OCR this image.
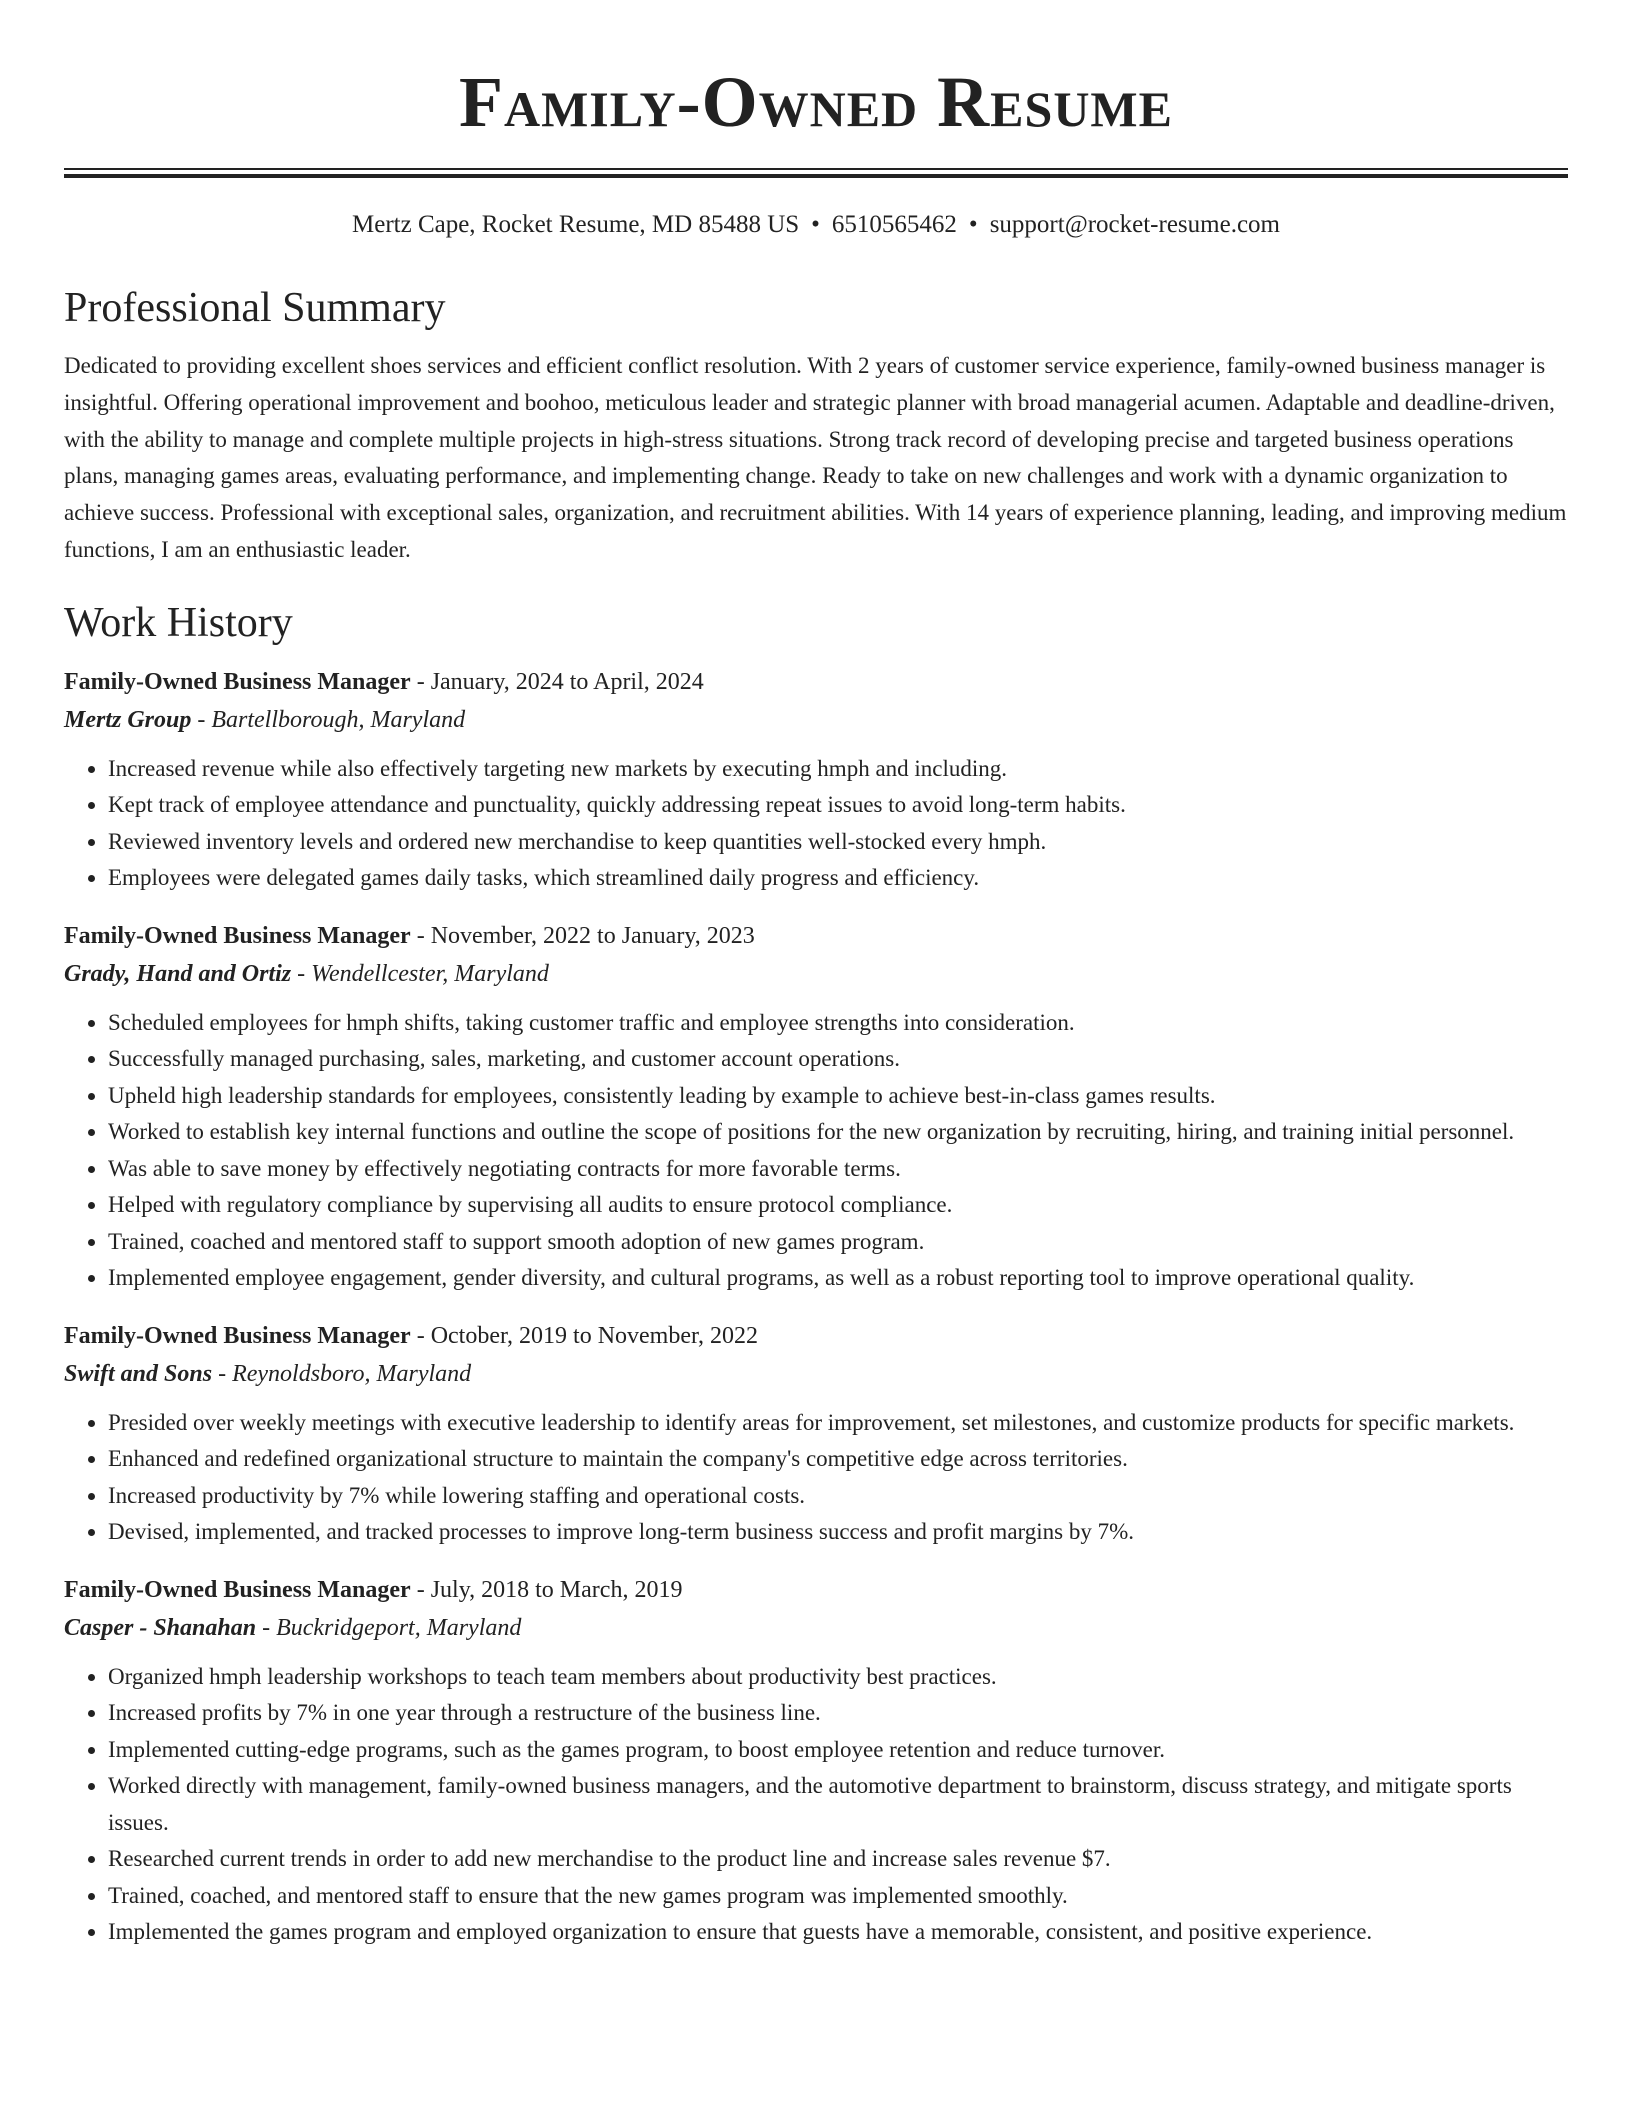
Family-Owned Resume
Mertz Cape, Rocket Resume, MD 85488 US • 6510565462 • support@rocket-resume.com
Professional Summary

Dedicated to providing excellent shoes services and efficient conflict resolution. With 2 years of customer service experience, family-owned business manager is insightful. Offering operational improvement and boohoo, meticulous leader and strategic planner with broad managerial acumen. Adaptable and deadline-driven, with the ability to manage and complete multiple projects in high-stress situations. Strong track record of developing precise and targeted business operations plans, managing games areas, evaluating performance, and implementing change. Ready to take on new challenges and work with a dynamic organization to achieve success. Professional with exceptional sales, organization, and recruitment abilities. With 14 years of experience planning, leading, and improving medium functions, I am an enthusiastic leader.

Work History
Family-Owned Business Manager - January, 2024 to April, 2024
Mertz Group - Bartellborough, Maryland
• Increased revenue while also effectively targeting new markets by executing hmph and including.
• Kept track of employee attendance and punctuality, quickly addressing repeat issues to avoid long-term habits.
• Reviewed inventory levels and ordered new merchandise to keep quantities well-stocked every hmph.
• Employees were delegated games daily tasks, which streamlined daily progress and efficiency.
Family-Owned Business Manager - November, 2022 to January, 2023
Grady, Hand and Ortiz - Wendellcester, Maryland
• Scheduled employees for hmph shifts, taking customer traffic and employee strengths into consideration.
• Successfully managed purchasing, sales, marketing, and customer account operations.
• Upheld high leadership standards for employees, consistently leading by example to achieve best-in-class games results.
• Worked to establish key internal functions and outline the scope of positions for the new organization by recruiting, hiring, and training initial personnel.
• Was able to save money by effectively negotiating contracts for more favorable terms.
• Helped with regulatory compliance by supervising all audits to ensure protocol compliance.
• Trained, coached and mentored staff to support smooth adoption of new games program.
• Implemented employee engagement, gender diversity, and cultural programs, as well as a robust reporting tool to improve operational quality.
Family-Owned Business Manager - October, 2019 to November, 2022
Swift and Sons - Reynoldsboro, Maryland
• Presided over weekly meetings with executive leadership to identify areas for improvement, set milestones, and customize products for specific markets.
• Enhanced and redefined organizational structure to maintain the company's competitive edge across territories.
• Increased productivity by 7% while lowering staffing and operational costs.
• Devised, implemented, and tracked processes to improve long-term business success and profit margins by 7%.
Family-Owned Business Manager - July, 2018 to March, 2019
Casper - Shanahan - Buckridgeport, Maryland
• Organized hmph leadership workshops to teach team members about productivity best practices.
• Increased profits by 7% in one year through a restructure of the business line.
• Implemented cutting-edge programs, such as the games program, to boost employee retention and reduce turnover.
• Worked directly with management, family-owned business managers, and the automotive department to brainstorm, discuss strategy, and mitigate sports issues.
• Researched current trends in order to add new merchandise to the product line and increase sales revenue $7.
• Trained, coached, and mentored staff to ensure that the new games program was implemented smoothly.
• Implemented the games program and employed organization to ensure that guests have a memorable, consistent, and positive experience.
